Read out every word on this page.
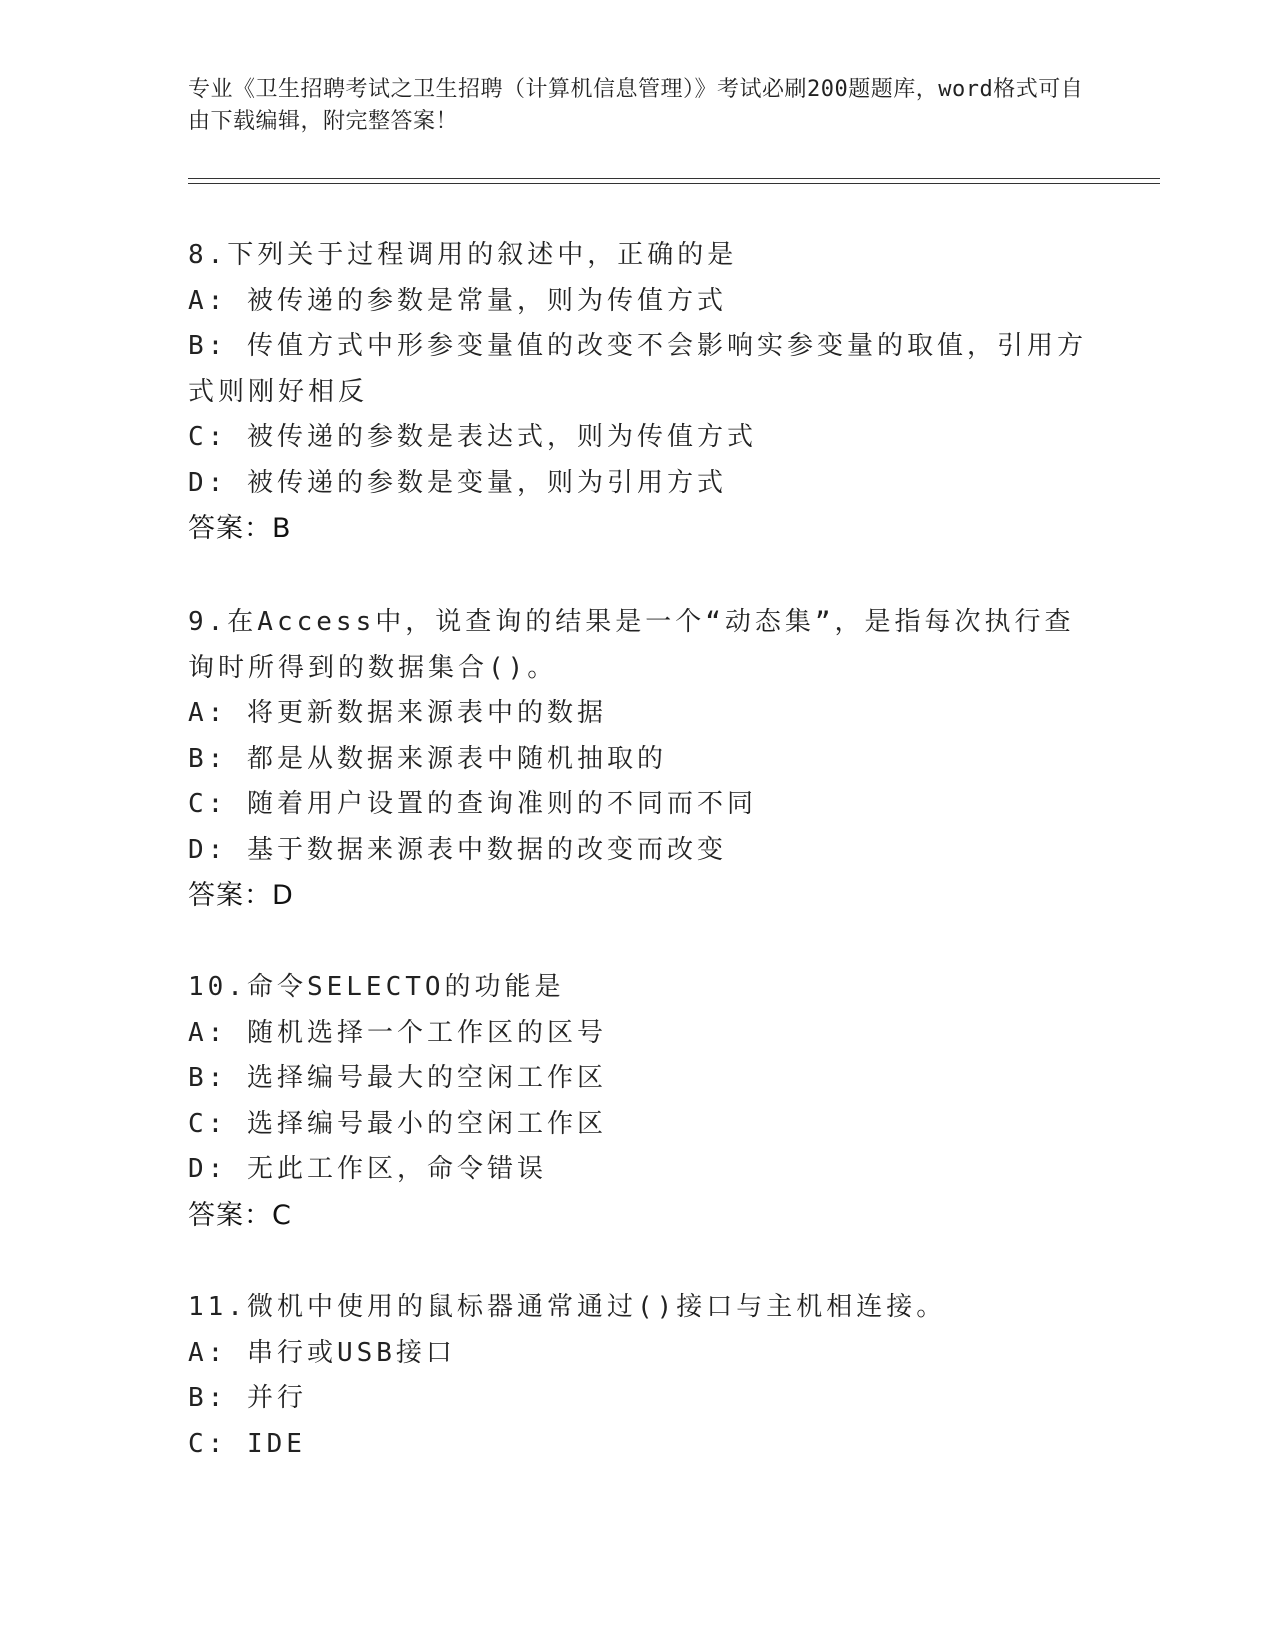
专业《卫生招聘考试之卫生招聘（计算机信息管理）》考试必刷200题题库，word格式可自由下载编辑，附完整答案！
8.下列关于过程调用的叙述中，正确的是
A: 被传递的参数是常量，则为传值方式
B: 传值方式中形参变量值的改变不会影响实参变量的取值，引用方式则刚好相反
C: 被传递的参数是表达式，则为传值方式
D: 被传递的参数是变量，则为引用方式
答案：B
9.在Access中，说查询的结果是一个“动态集”，是指每次执行查询时所得到的数据集合()。
A: 将更新数据来源表中的数据
B: 都是从数据来源表中随机抽取的
C: 随着用户设置的查询准则的不同而不同
D: 基于数据来源表中数据的改变而改变
答案：D
10.命令SELECTO的功能是
A: 随机选择一个工作区的区号
B: 选择编号最大的空闲工作区
C: 选择编号最小的空闲工作区
D: 无此工作区，命令错误
答案：C
11.微机中使用的鼠标器通常通过()接口与主机相连接。
A: 串行或USB接口
B: 并行
C: IDE
